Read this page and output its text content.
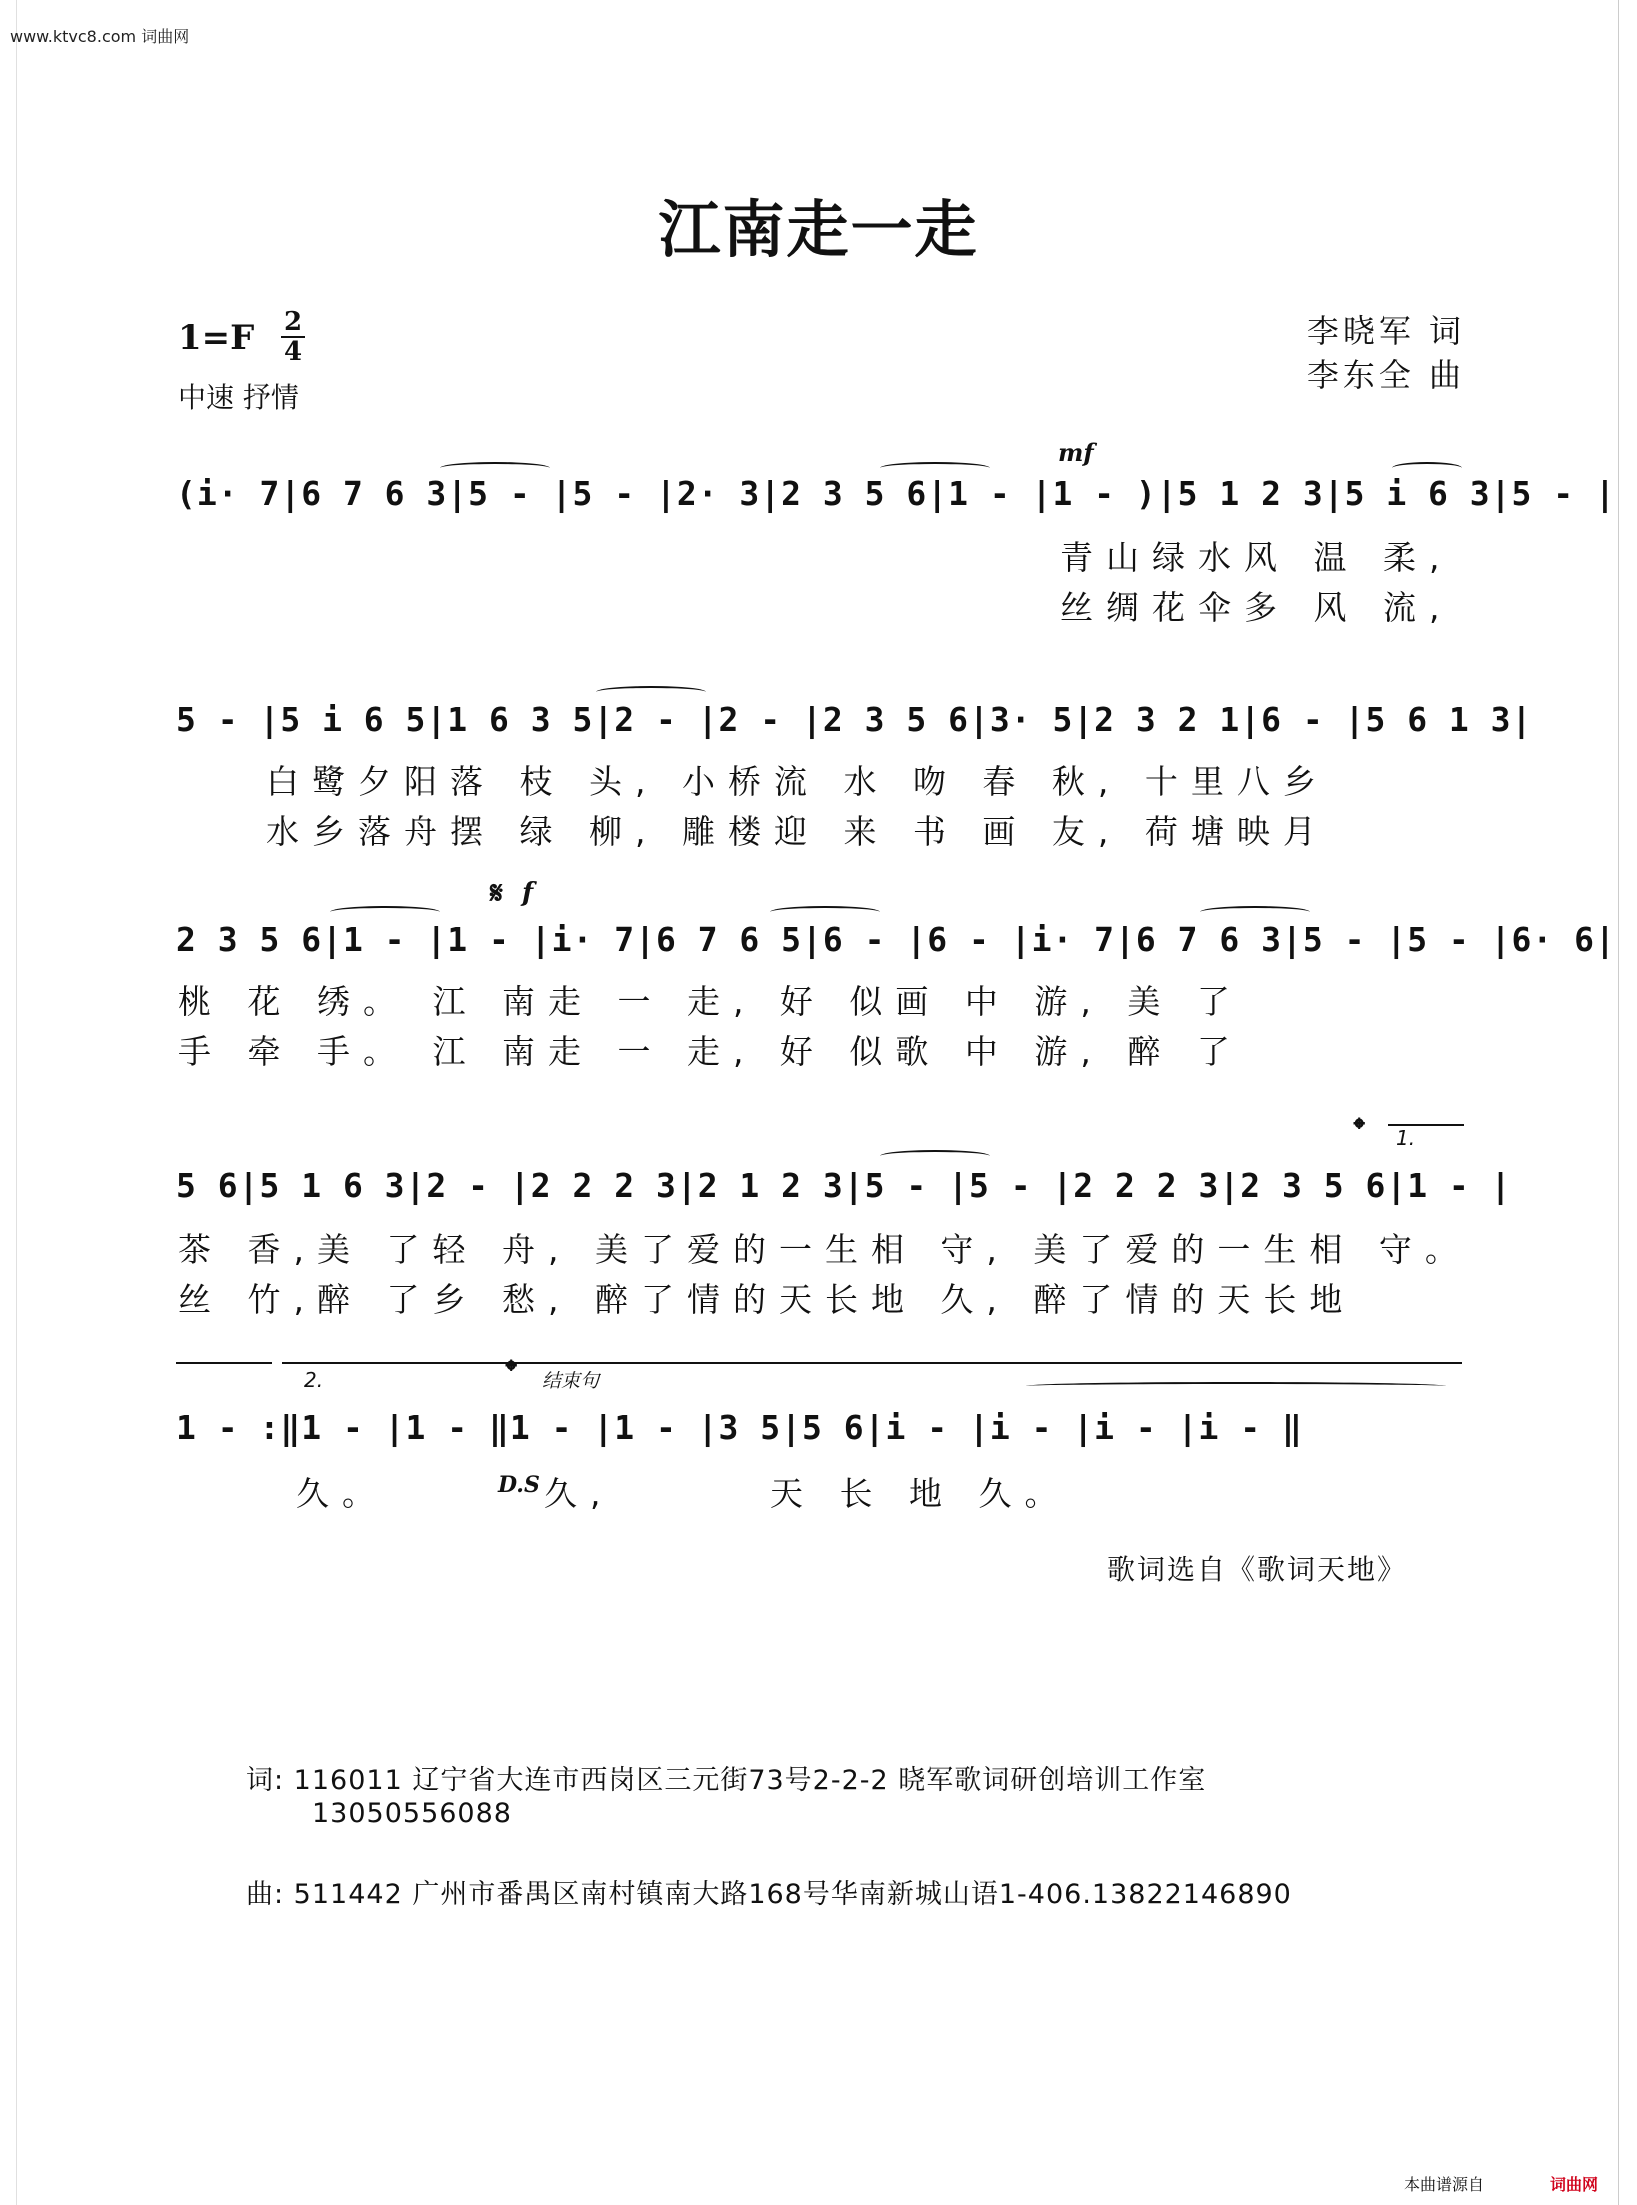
www.ktvc8.com 词曲网
江南走一走
1=F 2
4
中速 抒情
李晓军 词
李东全 曲
mf
(i· 7|6 7 6 3|5 - |5 - |2· 3|2 3 5 6|1 - |1 - )|5 1 2 3|5 i 6 3|5 - |
青山绿水风 温 柔,
丝绸花伞多 风 流,
5 - |5 i 6 5|1 6 3 5|2 - |2 - |2 3 5 6|3· 5|2 3 2 1|6 - |5 6 1 3|
白鹭夕阳落 枝 头, 小桥流 水 吻 春 秋, 十里八乡
水乡落舟摆 绿 柳, 雕楼迎 来 书 画 友, 荷塘映月
𝄋 f
2 3 5 6|1 - |1 - |i· 7|6 7 6 5|6 - |6 - |i· 7|6 7 6 3|5 - |5 - |6· 6|
桃 花 绣。 江 南走 一 走, 好 似画 中 游, 美 了
手 牵 手。 江 南走 一 走, 好 似歌 中 游, 醉 了
𝄌 1.
5 6|5 1 6 3|2 - |2 2 2 3|2 1 2 3|5 - |5 - |2 2 2 3|2 3 5 6|1 - |
茶 香,美 了轻 舟, 美了爱的一生相 守, 美了爱的一生相 守。
丝 竹,醉 了乡 愁, 醉了情的天长地 久, 醉了情的天长地
2.	𝄌 结束句
1 - :‖1 - |1 - ‖1 - |1 - |3 5|5 6|i - |i - |i - |i - ‖
久。	D.S 久,	天 长 地 久。
歌词选自《歌词天地》
词: 116011 辽宁省大连市西岗区三元街73号2-2-2 晓军歌词研创培训工作室
13050556088
曲: 511442 广州市番禺区南村镇南大路168号华南新城山语1-406.13822146890
本曲谱源自	词曲网
